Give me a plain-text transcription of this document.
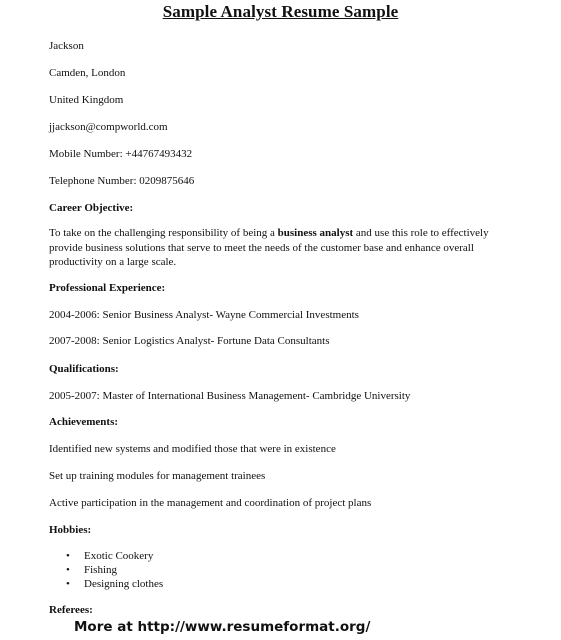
Sample Analyst Resume Sample
Jackson
Camden, London
United Kingdom
jjackson@compworld.com
Mobile Number: +44767493432
Telephone Number: 0209875646
Career Objective:
To take on the challenging responsibility of being a business analyst and use this role to effectively provide business solutions that serve to meet the needs of the customer base and enhance overall productivity on a large scale.
Professional Experience:
2004-2006: Senior Business Analyst- Wayne Commercial Investments
2007-2008: Senior Logistics Analyst- Fortune Data Consultants
Qualifications:
2005-2007: Master of International Business Management- Cambridge University
Achievements:
Identified new systems and modified those that were in existence
Set up training modules for management trainees
Active participation in the management and coordination of project plans
Hobbies:
• Exotic Cookery
• Fishing
• Designing clothes
Referees:
More at http://www.resumeformat.org/
